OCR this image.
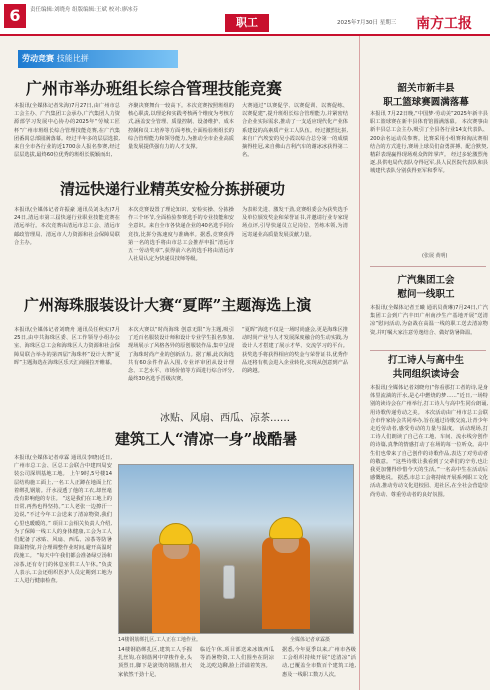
6	责任编辑:刘晓舟 组版编辑:王斌 校对:廖冰芬
职工	2025年7月30日 星期三 南方工报
劳动竞赛 技能比拼
广州市举办班组长综合管理技能竞赛
本报讯(全媒体记者朱海)7月27日,由广州市总工会主办、广汽集团工会承办,广汽集团人力资源部学习发展中心协办的2025年“劳城工匠杯”广州市班组长综合管理技能竞赛,在广汽集团番禺总部圆满落幕。经过半年多的层层选拔,来自全市各行业的近1700余人报名参赛,经过层层选拔,最终60位优秀的班组长脱颖而出,
齐聚决赛舞台一较高下。本次竞赛按照班组的核心职责,以理论和实践考核两个维度为考核方式,涵盖安全管理、质量控制、设备维护、成本控制和员工培养等方面考核,全面检验班组长的综合管理能力和领导能力,为推动全市企业高质量发展提供强有力的人才支撑。
大赛通过“以赛促学、以赛促训、以赛促练、以赛促建”,提升班组长综合管理能力,并紧密结合企业实际需求,推动了一支适应现代化产业体系建设的高素质产业工人队伍。经过激烈比拼,来自广汽埃安的吴小霞以综合总分第一的成绩摘得桂冠,来自佛山吉利汽车的谢冰冰获得第二名。
清远快递行业精英安检分拣拼硬功
本报讯(全媒体记者许振豪 通讯员刘永杰)7月24日,清远市第三届快递行业职业技能竞赛在清远举行。本次竞赛由清远市总工会、清远市邮政管理局、清远市人力资源和社会保障局联合主办。
本次竞赛设置了理论知识、安检实操、分拣操作三个环节,全面检验参赛选手的专业技能和安全意识。来自全市各快递企业的40名选手同台竞技,比拼分拣速度与准确率。据悉,竞赛获得第一名的选手将由市总工会推荐申报“清远市五一劳动奖章”,获得前六名的选手将由清远市人社局认定为快递员技师等级。
为表彰先进、激发干劲,竞赛组委会为获奖选手及单位颁发奖金和荣誉证书,并邀请行业专家现场点评,引导快递员立足岗位、苦练本领,为清远寄递业高质量发展贡献力量。
广州海珠服装设计大赛“夏晖”主题海选上演
本报讯(全媒体记者刘晓舟 通讯员任秋实)7月25日,由中共海珠区委、区工作领导小组办公室、海珠区总工会和海珠区人力资源和社会保障局联合举办的第四届“海珠杯”设计大赛“夏晖”主题海选在海珠区乐天汇商圈拉开帷幕。
本次大赛以“时尚海珠 创意无限”为主题,吸引了近百名服装设计师和设计专业学生报名参加,现场展示了风格各异的原创服装作品,集中呈现了海珠时尚产业的创新活力。据了解,此次海选共有60余件作品入围,专业评审团从设计理念、工艺水平、市场价值等方面进行综合评分,最终30名选手晋级决赛。
“夏晖”海选不仅是一场时尚盛会,更是海珠区推动时尚产业与人才发展深度融合的生动实践,为设计人才搭建了展示才华、交流学习的平台。获奖选手将获得相应的奖金与荣誉证书,优秀作品还将有机会进入企业转化,实现从创意到产品的跨越。
冰贴、风扇、西瓜、凉茶……
建筑工人“清凉一身”战酷暑
本报讯(全媒体记者章霖 通讯员李晓)近日,广州市总工会、区总工会联合中建四局安装公司深圳基地工地。 上午9时,5号楼14层结构施工面上,一名工人正蹲在地面上忙着绑扎钢筋。汗水浸透了他的工衣,却丝毫没有影响他的专注。 “这是我们在工地上的日常,再热也得坚持。”工人老张一边擦汗一边说,“不过今年工会送来了清凉物资,我们心里也暖暖的。” 项目工会相关负责人介绍,为了保障一线工人的身体健康,工会为工人们配备了冰贴、风扇、西瓜、凉茶等防暑降温物资,并合理调整作业时间,避开高温时段施工。 “每天中午我们都会准备绿豆汤和凉茶,还有专门的休息室供工人午休。”负责人表示,工会还组织医护人员定期到工地为工人进行健康检查。
14楼钢筋绑扎区,工人正在工地作业。	全媒体记者章霖摄
14楼钢筋绑扎区,建筑工人手握扎丝钩,在钢筋网中穿梭作业,头顶烈日,脚下是滚烫的钢筋,但大家依然干劲十足。
临近午休,项目部送来冰镇西瓜等消暑物资,工人们围坐在阴凉处,边吃边聊,脸上洋溢着笑容。
据悉,今年夏季以来,广州市各级工会组织持续开展“送清凉”活动,已覆盖全市数百个建筑工地,惠及一线职工数万人次。
韶关市新丰县
职工篮球赛圆满落幕
本报讯 7月22日晚,“中国梦·劳动美”2025年新丰县职工篮球赛在新丰县体育馆圆满落幕。 本次赛事由新丰县总工会主办,吸引了全县各行业14支代表队、200余名运动员参赛。比赛采用小组赛和淘汰赛相结合的方式进行,赛场上球员们奋勇拼搏、配合默契,精彩表现赢得现场观众阵阵掌声。 经过多轮激烈角逐,县供电局代表队夺得冠军,县人民医院代表队和县城建代表队分别获得亚军和季军。
(张展 黄明)
广汽集团工会
慰问一线职工
本报讯(全媒体记者王曦 通讯员黄琳)7月24日,广汽集团工会到广汽丰田广州南沙生产基地开展“送清凉”慰问活动,为奋战在高温一线的职工送去清凉物资,并叮嘱大家注意劳逸结合、做好防暑降温。
打工诗人与高中生
共同组织读诗会
本报讯(全媒体记者刘晓舟)“你看那打工者的诗,是身体里流淌的汗水,是心中燃烧的梦……”近日,一场特别的读诗会在广州举行,打工诗人与高中生同台朗诵,用诗歌传递劳动之美。 本次活动由广州市总工会联合市作家协会共同举办,旨在通过诗歌交流,让青少年走近劳动者,感受劳动的力量与温度。 活动现场,打工诗人们朗读了自己在工地、车间、流水线旁创作的诗篇,真挚的情感打动了在场的每一位听众。高中生们也带来了自己创作的诗歌作品,表达了对劳动者的敬意。 “这些诗歌让我看到了父辈们的辛劳,也让我更加懂得珍惜今天的生活。”一名高中生在活动后感慨地说。 据悉,市总工会将持续开展系列职工文化活动,推动劳动文化进校园、进社区,在全社会营造崇尚劳动、尊重劳动者的良好氛围。
